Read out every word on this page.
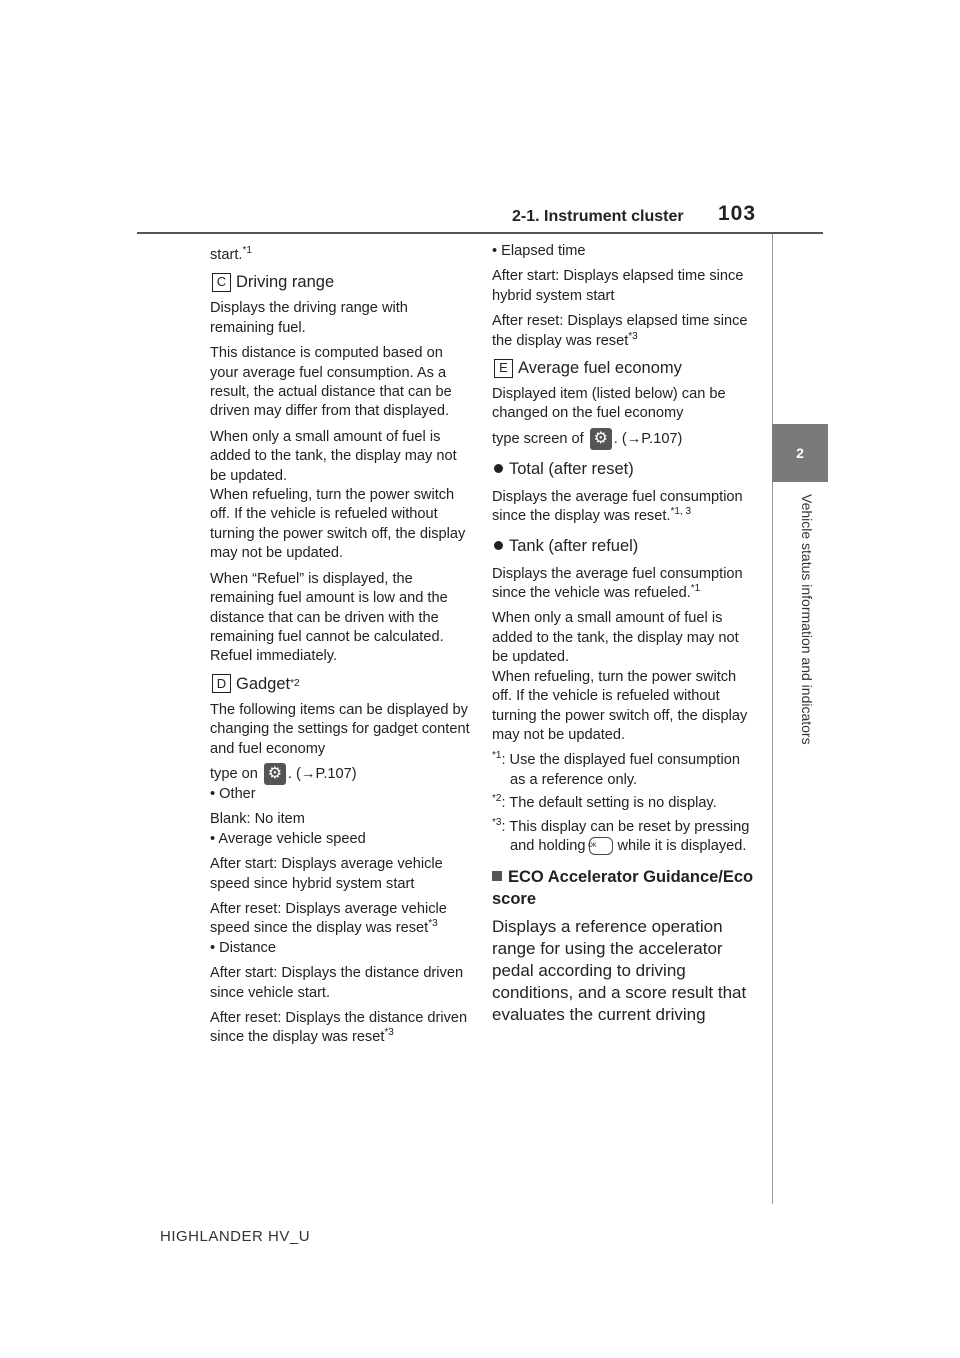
2-1. Instrument cluster 103
2
Vehicle status information and indicators

start.$^{*1}$

C Driving range

Displays the driving range with remaining fuel.

This distance is computed based on your average fuel consumption. As a result, the actual distance that can be driven may differ from that displayed.

When only a small amount of fuel is added to the tank, the display may not be updated.

When refueling, turn the power switch off. If the vehicle is refueled without turning the power switch off, the display may not be updated.

When “Refuel” is displayed, the remaining fuel amount is low and the distance that can be driven with the remaining fuel cannot be calculated.

Refuel immediately.

D Gadget *2

The following items can be displayed by changing the settings for gadget content and fuel economy

type on ⚙ . (→P.107)

• Other

Blank: No item

• Average vehicle speed

After start: Displays average vehicle speed since hybrid system start

After reset: Displays average vehicle speed since the display was reset$^{*3}$

• Distance

After start: Displays the distance driven since vehicle start.

After reset: Displays the distance driven since the display was reset$^{*3}$

• Elapsed time

After start: Displays elapsed time since hybrid system start

After reset: Displays elapsed time since the display was reset$^{*3}$

E Average fuel economy

Displayed item (listed below) can be changed on the fuel economy

type screen of ⚙ . (→P.107)

Total (after reset)

Displays the average fuel consumption since the display was reset.$^{*1, 3}$

Tank (after refuel)

Displays the average fuel consumption since the vehicle was refueled.$^{*1}$

When only a small amount of fuel is added to the tank, the display may not be updated.

When refueling, turn the power switch off. If the vehicle is refueled without turning the power switch off, the display may not be updated.

$^{*1}$: Use the displayed fuel consumption as a reference only.

$^{*2}$: The default setting is no display.

$^{*3}$: This display can be reset by pressing and holding OK while it is displayed.

ECO Accelerator Guidance/Eco score

Displays a reference operation range for using the accelerator pedal according to driving conditions, and a score result that evaluates the current driving

HIGHLANDER HV_U
